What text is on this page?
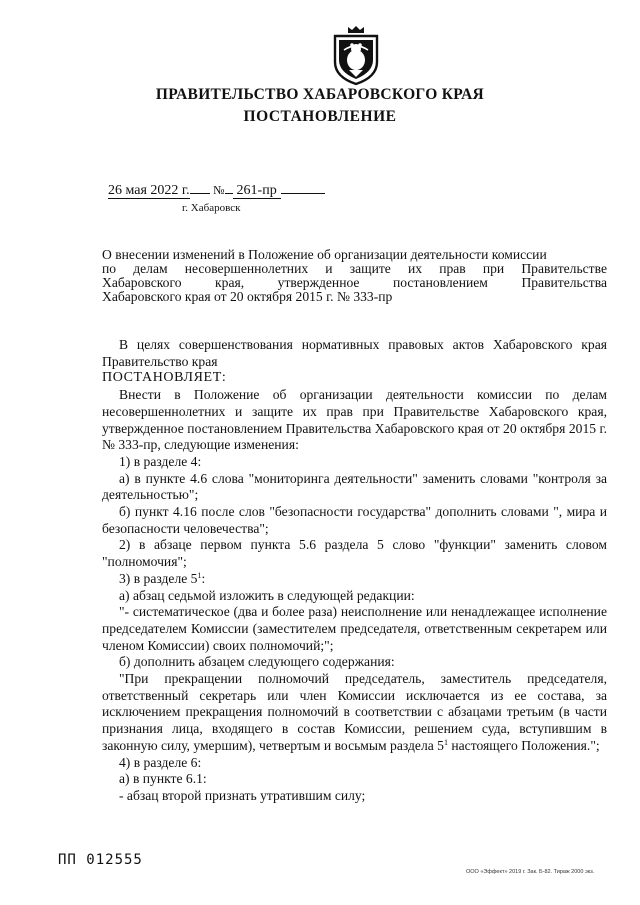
ПРАВИТЕЛЬСТВО ХАБАРОВСКОГО КРАЯ
ПОСТАНОВЛЕНИЕ
26 мая 2022 г. № 261-пр
г. Хабаровск
О внесении изменений в Положение об организации деятельности комиссии
по делам несовершеннолетних и защите их прав при Правительстве
Хабаровского края, утвержденное постановлением Правительства
Хабаровского края от 20 октября 2015 г. № 333-пр

В целях совершенствования нормативных правовых актов Хабаровского края Правительство края

ПОСТАНОВЛЯЕТ:

Внести в Положение об организации деятельности комиссии по делам несовершеннолетних и защите их прав при Правительстве Хабаровского края, утвержденное постановлением Правительства Хабаровского края от 20 октября 2015 г. № 333-пр, следующие изменения:

1) в разделе 4:

а) в пункте 4.6 слова "мониторинга деятельности" заменить словами "контроля за деятельностью";

б) пункт 4.16 после слов "безопасности государства" дополнить словами ", мира и безопасности человечества";

2) в абзаце первом пункта 5.6 раздела 5 слово "функции" заменить словом "полномочия";

3) в разделе $5^1$:

а) абзац седьмой изложить в следующей редакции:

"- систематическое (два и более раза) неисполнение или ненадлежащее исполнение председателем Комиссии (заместителем председателя, ответственным секретарем или членом Комиссии) своих полномочий;";

б) дополнить абзацем следующего содержания:

"При прекращении полномочий председатель, заместитель председателя, ответственный секретарь или член Комиссии исключается из ее состава, за исключением прекращения полномочий в соответствии с абзацами третьим (в части признания лица, входящего в состав Комиссии, решением суда, вступившим в законную силу, умершим), четвертым и восьмым раздела $5^1$ настоящего Положения.";

4) в разделе 6:

а) в пункте 6.1:

- абзац второй признать утратившим силу;

ПП 012555
ООО «Эффект» 2019 г. Зак. Б-82. Тираж 2000 экз.
